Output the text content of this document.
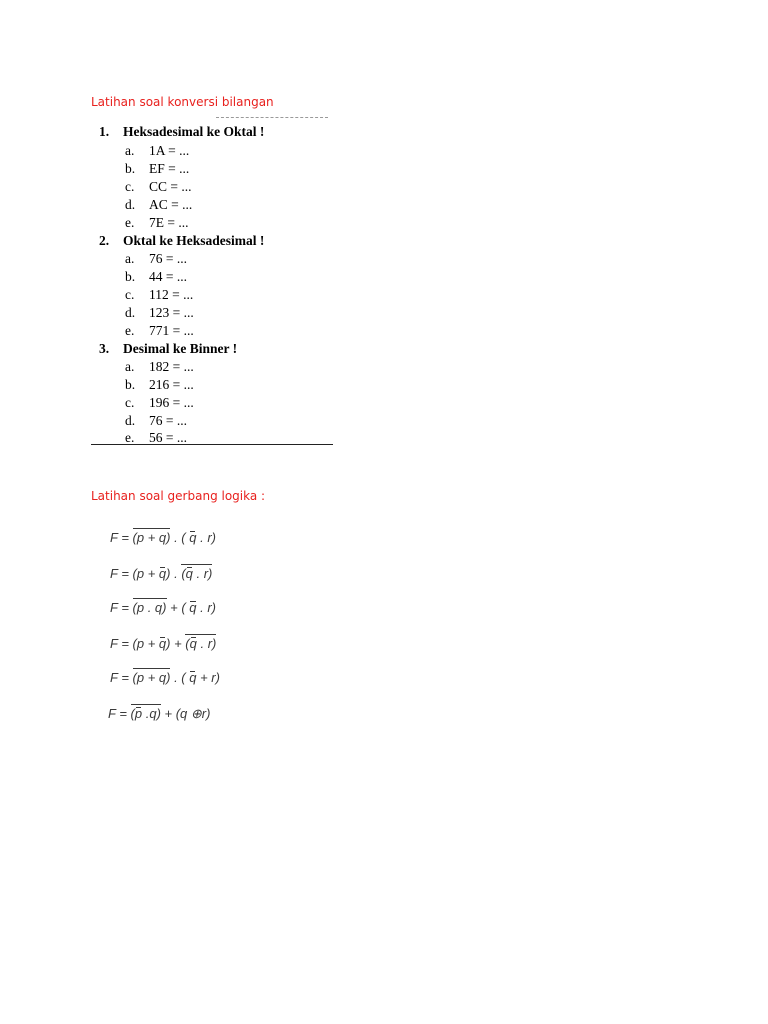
Latihan soal konversi bilangan
1. Heksadesimal ke Oktal !
a. 1A = ...
b. EF = ...
c. CC = ...
d. AC = ...
e. 7E = ...
2. Oktal ke Heksadesimal !
a. 76 = ...
b. 44 = ...
c. 112 = ...
d. 123 = ...
e. 771 = ...
3. Desimal ke Binner !
a. 182 = ...
b. 216 = ...
c. 196 = ...
d. 76 = ...
e. 56 = ...
Latihan soal gerbang logika :
F = (p + q) . ( q . r)
F = (p + q) . (q . r)
F = (p . q) + ( q . r)
F = (p + q) + (q . r)
F = (p + q) . ( q + r)
F = (p .q) + (q ⊕r)
